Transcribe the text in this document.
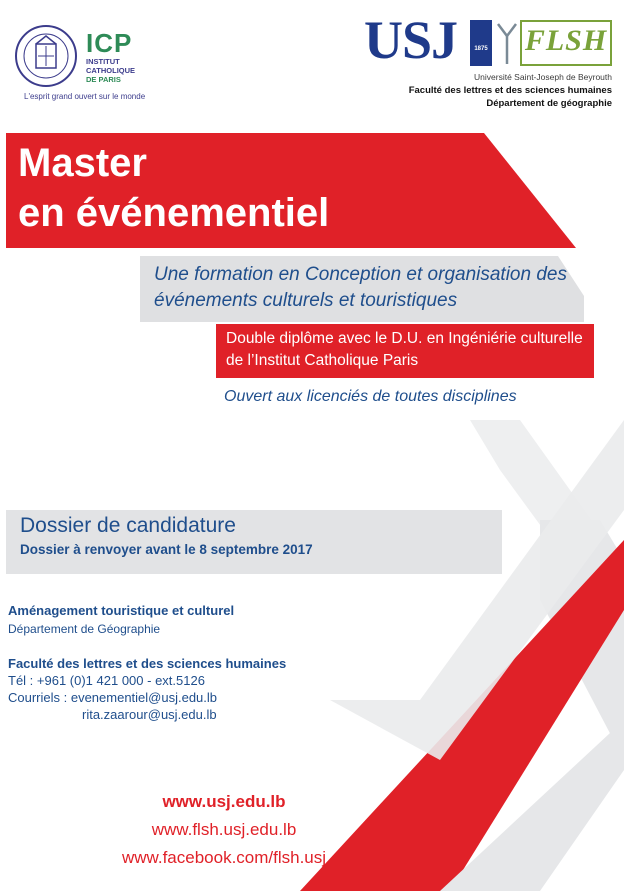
ICP
INSTITUT
CATHOLIQUE
DE PARIS
L'esprit grand ouvert sur le monde
USJ	1875 FLSH
Université Saint-Joseph de Beyrouth
Faculté des lettres et des sciences humaines
Département de géographie
Master
en événementiel
Une formation en Conception et organisation des événements culturels et touristiques
Double diplôme avec le D.U. en Ingéniérie culturelle de l’Institut Catholique Paris
Ouvert aux licenciés de toutes disciplines
Dossier de candidature
Dossier à renvoyer avant le 8 septembre 2017
Aménagement touristique et culturel
Département de Géographie
Faculté des lettres et des sciences humaines
Tél : +961 (0)1 421 000 - ext.5126
Courriels : evenementiel@usj.edu.lb
rita.zaarour@usj.edu.lb
www.usj.edu.lb
www.flsh.usj.edu.lb
www.facebook.com/flsh.usj
